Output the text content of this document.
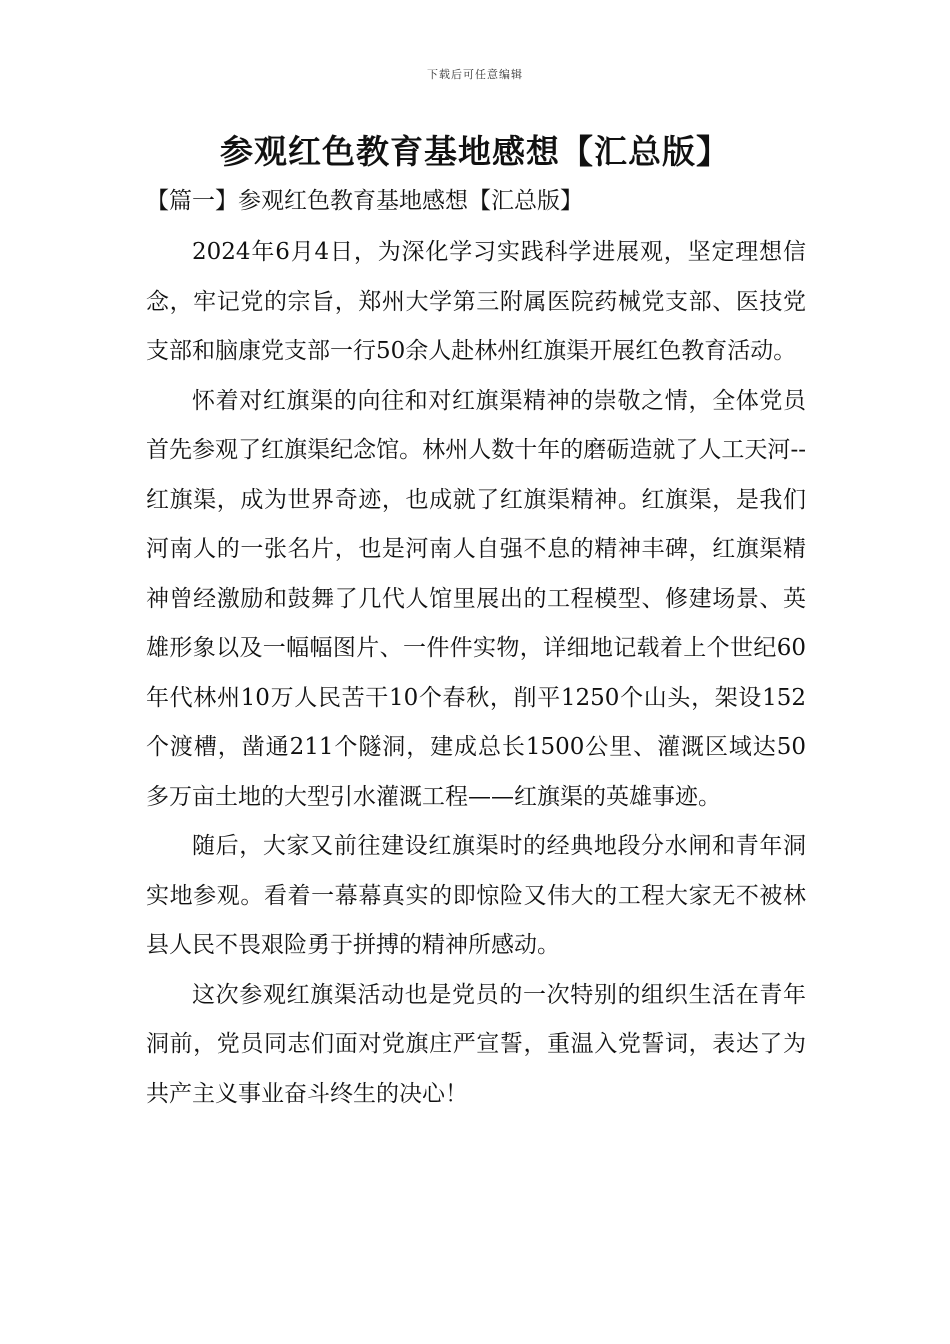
下载后可任意编辑
参观红色教育基地感想【汇总版】
【篇一】参观红色教育基地感想【汇总版】

2024年6月4日，为深化学习实践科学进展观，坚定理想信念，牢记党的宗旨，郑州大学第三附属医院药械党支部、医技党支部和脑康党支部一行50余人赴林州红旗渠开展红色教育活动。

怀着对红旗渠的向往和对红旗渠精神的崇敬之情，全体党员首先参观了红旗渠纪念馆。林州人数十年的磨砺造就了人工天河--红旗渠，成为世界奇迹，也成就了红旗渠精神。红旗渠，是我们河南人的一张名片，也是河南人自强不息的精神丰碑，红旗渠精神曾经激励和鼓舞了几代人馆里展出的工程模型、修建场景、英雄形象以及一幅幅图片、一件件实物，详细地记载着上个世纪60年代林州10万人民苦干10个春秋，削平1250个山头，架设152个渡槽，凿通211个隧洞，建成总长1500公里、灌溉区域达50多万亩土地的大型引水灌溉工程——红旗渠的英雄事迹。

随后，大家又前往建设红旗渠时的经典地段分水闸和青年洞实地参观。看着一幕幕真实的即惊险又伟大的工程大家无不被林县人民不畏艰险勇于拼搏的精神所感动。

这次参观红旗渠活动也是党员的一次特别的组织生活在青年洞前，党员同志们面对党旗庄严宣誓，重温入党誓词，表达了为共产主义事业奋斗终生的决心！
